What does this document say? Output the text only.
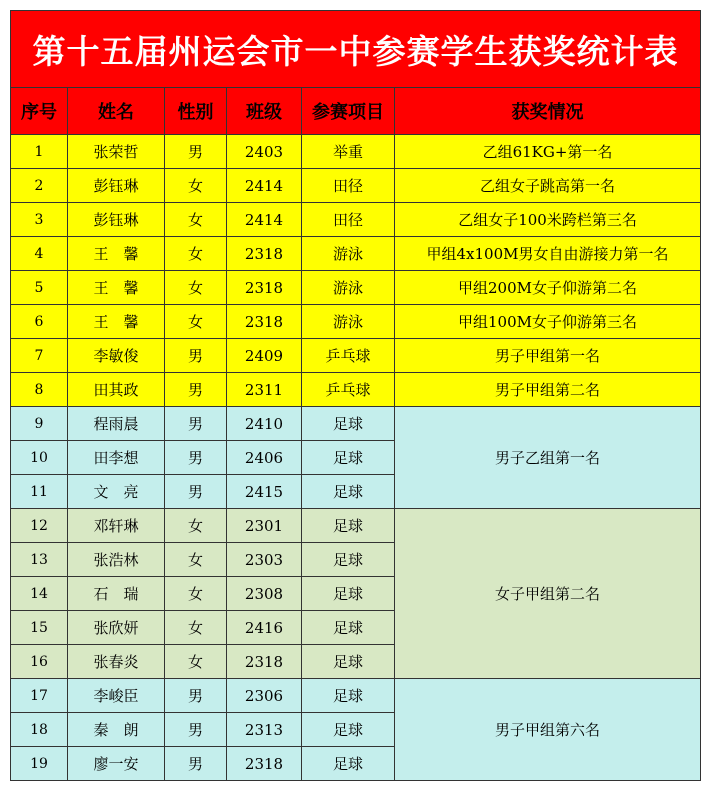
第十五届州运会市一中参赛学生获奖统计表					
序号	姓名	性别	班级	参赛项目	获奖情况
1	张荣哲	男	2403	举重	乙组61KG+第一名
2	彭钰琳	女	2414	田径	乙组女子跳高第一名
3	彭钰琳	女	2414	田径	乙组女子100米跨栏第三名
4	王　馨	女	2318	游泳	甲组4x100M男女自由游接力第一名
5	王　馨	女	2318	游泳	甲组200M女子仰游第二名
6	王　馨	女	2318	游泳	甲组100M女子仰游第三名
7	李敏俊	男	2409	乒乓球	男子甲组第一名
8	田其政	男	2311	乒乓球	男子甲组第二名
9	程雨晨	男	2410	足球	男子乙组第一名
10	田李想	男	2406	足球	
11	文　亮	男	2415	足球	
12	邓轩琳	女	2301	足球	女子甲组第二名
13	张浩林	女	2303	足球	
14	石　瑞	女	2308	足球	
15	张欣妍	女	2416	足球	
16	张春炎	女	2318	足球	
17	李峻臣	男	2306	足球	男子甲组第六名
18	秦　朗	男	2313	足球	
19	廖一安	男	2318	足球	
